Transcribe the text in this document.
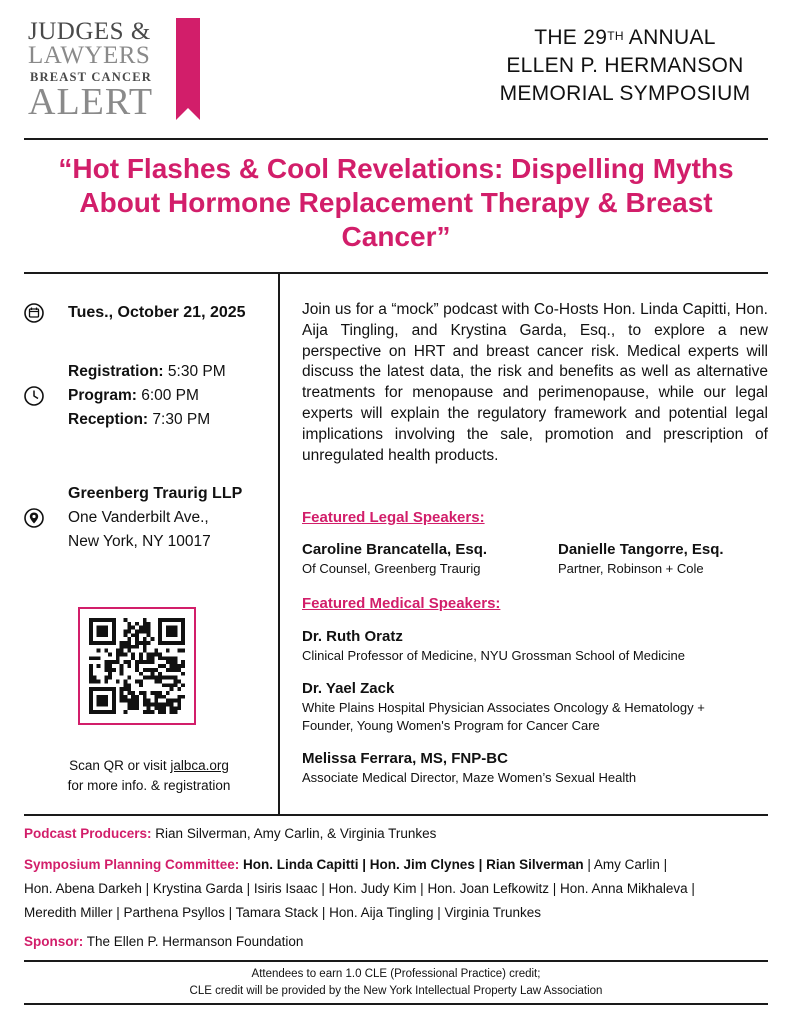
JUDGES &
LAWYERS
BREAST CANCER
ALERT
THE 29TH ANNUAL
ELLEN P. HERMANSON
MEMORIAL SYMPOSIUM
“Hot Flashes & Cool Revelations: Dispelling Myths About Hormone Replacement Therapy & Breast Cancer”
Tues., October 21, 2025
Registration: 5:30 PM
Program: 6:00 PM
Reception: 7:30 PM
Greenberg Traurig LLP
One Vanderbilt Ave.,
New York, NY 10017
Scan QR or visit jalbca.org
for more info. & registration
Join us for a “mock” podcast with Co-Hosts Hon. Linda Capitti, Hon. Aija Tingling, and Krystina Garda, Esq., to explore a new perspective on HRT and breast cancer risk. Medical experts will discuss the latest data, the risk and benefits as well as alternative treatments for menopause and perimenopause, while our legal experts will explain the regulatory framework and potential legal implications involving the sale, promotion and prescription of unregulated health products.
Featured Legal Speakers:
Caroline Brancatella, Esq.
Of Counsel, Greenberg Traurig
Danielle Tangorre, Esq.
Partner, Robinson + Cole
Featured Medical Speakers:
Dr. Ruth Oratz
Clinical Professor of Medicine, NYU Grossman School of Medicine
Dr. Yael Zack
White Plains Hospital Physician Associates Oncology & Hematology +
Founder, Young Women's Program for Cancer Care
Melissa Ferrara, MS, FNP-BC
Associate Medical Director, Maze Women’s Sexual Health
Podcast Producers: Rian Silverman, Amy Carlin, & Virginia Trunkes
Symposium Planning Committee: Hon. Linda Capitti | Hon. Jim Clynes | Rian Silverman | Amy Carlin |
Hon. Abena Darkeh | Krystina Garda | Isiris Isaac | Hon. Judy Kim | Hon. Joan Lefkowitz | Hon. Anna Mikhaleva |
Meredith Miller | Parthena Psyllos | Tamara Stack | Hon. Aija Tingling | Virginia Trunkes
Sponsor: The Ellen P. Hermanson Foundation
Attendees to earn 1.0 CLE (Professional Practice) credit;
CLE credit will be provided by the New York Intellectual Property Law Association
